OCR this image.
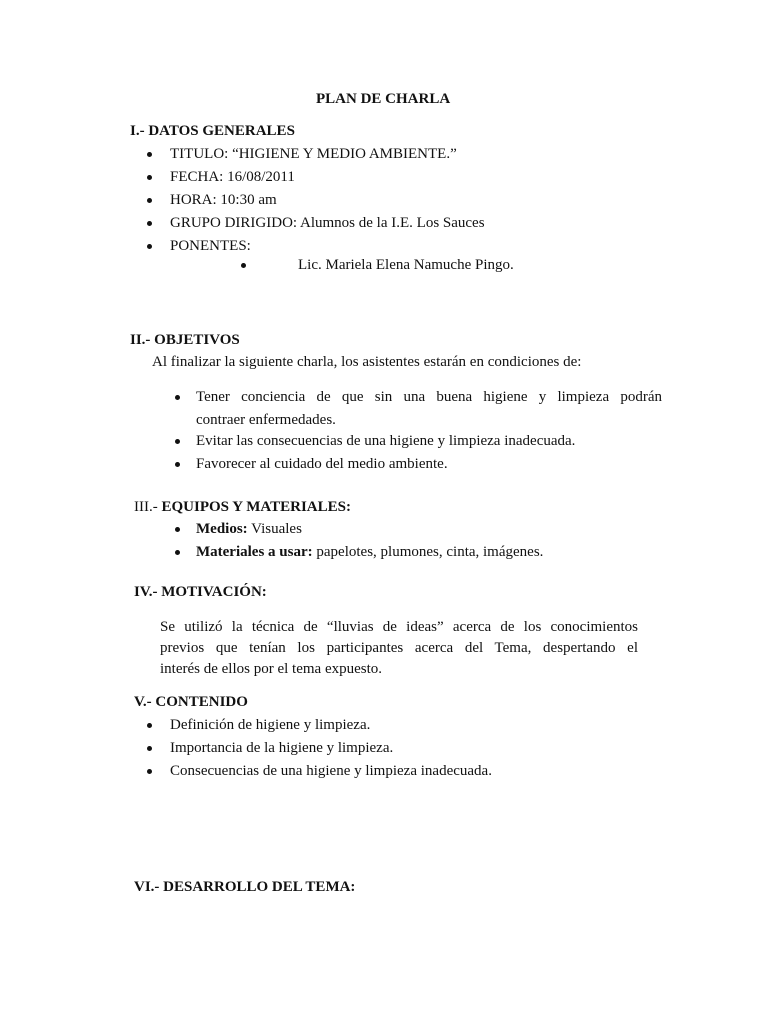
PLAN DE CHARLA
I.- DATOS GENERALES
TITULO: “HIGIENE Y MEDIO AMBIENTE.”
FECHA: 16/08/2011
HORA: 10:30 am
GRUPO DIRIGIDO: Alumnos de la I.E. Los Sauces
PONENTES:
Lic. Mariela Elena Namuche Pingo.
II.- OBJETIVOS
Al finalizar la siguiente charla, los asistentes estarán en condiciones de:
Tener conciencia de que sin una buena higiene y limpieza podrán
contraer enfermedades.
Evitar las consecuencias de una higiene y limpieza inadecuada.
Favorecer al cuidado del medio ambiente.
III.- EQUIPOS Y MATERIALES:
Medios: Visuales
Materiales a usar: papelotes, plumones, cinta, imágenes.
IV.- MOTIVACIÓN:
Se utilizó la técnica de “lluvias de ideas” acerca de los conocimientos
previos que tenían los participantes acerca del Tema, despertando el
interés de ellos por el tema expuesto.
V.- CONTENIDO
Definición de higiene y limpieza.
Importancia de la higiene y limpieza.
Consecuencias de una higiene y limpieza inadecuada.
VI.- DESARROLLO DEL TEMA:
